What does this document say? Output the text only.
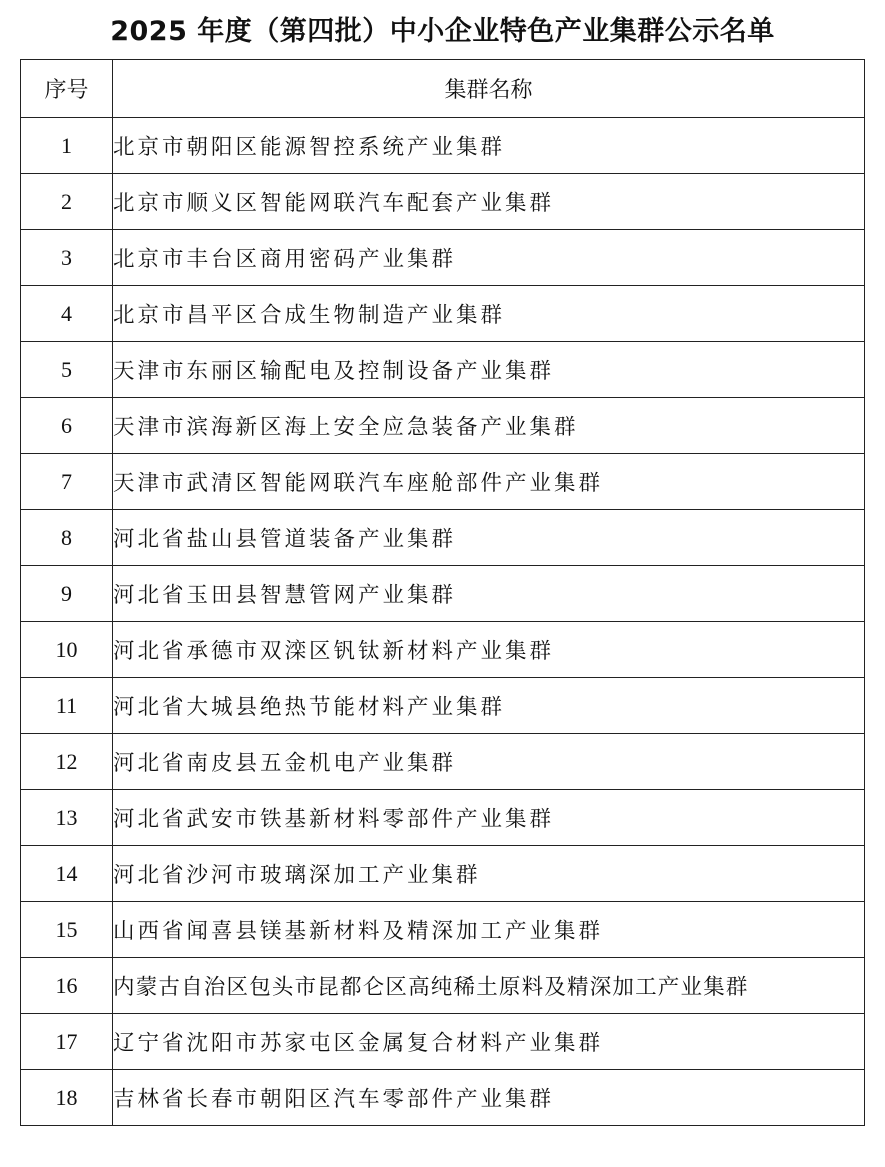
2025 年度（第四批）中小企业特色产业集群公示名单
序号	集群名称
1	北京市朝阳区能源智控系统产业集群
2	北京市顺义区智能网联汽车配套产业集群
3	北京市丰台区商用密码产业集群
4	北京市昌平区合成生物制造产业集群
5	天津市东丽区输配电及控制设备产业集群
6	天津市滨海新区海上安全应急装备产业集群
7	天津市武清区智能网联汽车座舱部件产业集群
8	河北省盐山县管道装备产业集群
9	河北省玉田县智慧管网产业集群
10	河北省承德市双滦区钒钛新材料产业集群
11	河北省大城县绝热节能材料产业集群
12	河北省南皮县五金机电产业集群
13	河北省武安市铁基新材料零部件产业集群
14	河北省沙河市玻璃深加工产业集群
15	山西省闻喜县镁基新材料及精深加工产业集群
16	内蒙古自治区包头市昆都仑区高纯稀土原料及精深加工产业集群
17	辽宁省沈阳市苏家屯区金属复合材料产业集群
18	吉林省长春市朝阳区汽车零部件产业集群
